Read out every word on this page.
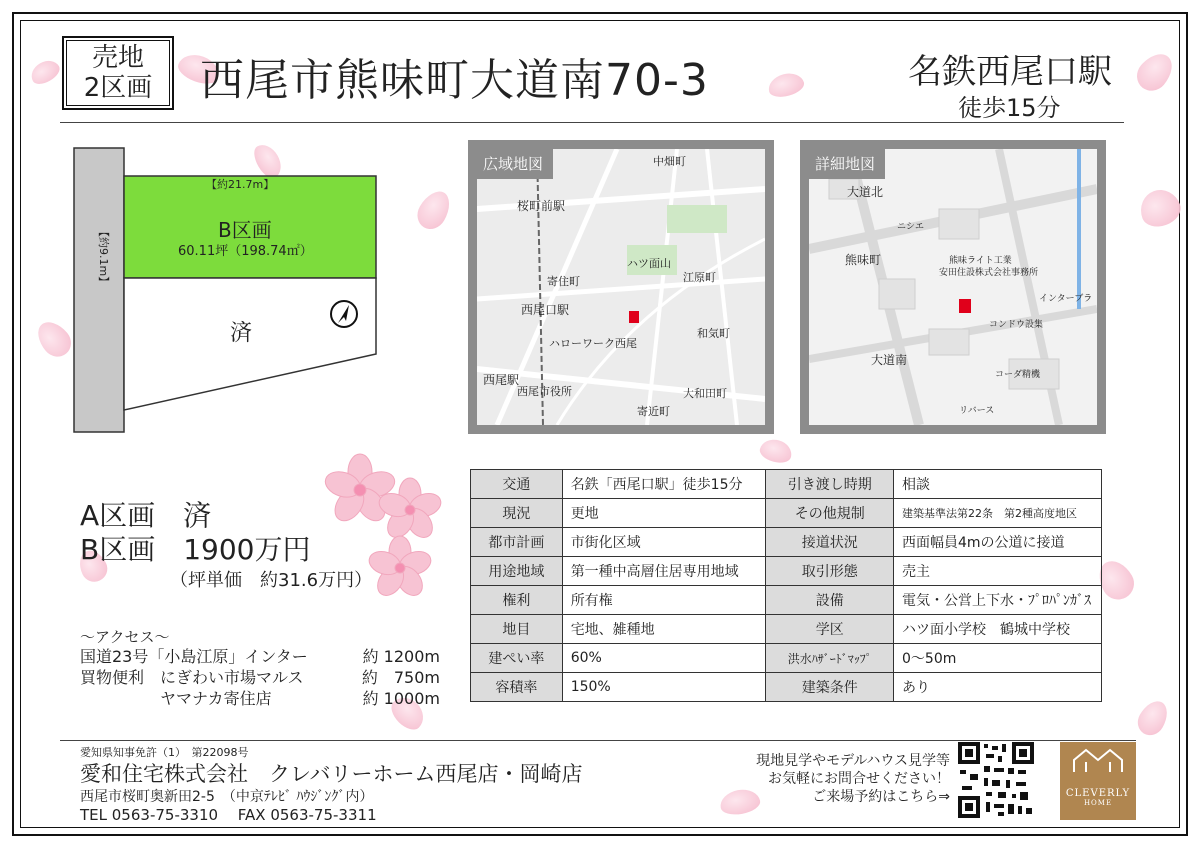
売地
2区画 西尾市熊味町大道南70-3	名鉄西尾口駅
徒歩15分
【約21.7m】
【約9.1m】	B区画
60.11坪（198.74㎡）
済
中畑町
桜町前駅
西尾口駅
西尾駅
ハツ面山
寄住町
大和田町
江原町
和気町
寄近町
西尾市役所
ハローワーク西尾
広域地図
大道北
熊味町
大道南
コンドウ設集
コーダ精機
リバース
ニシエ
インターブラ
熊味ライト工業
安田住設株式会社事務所
詳細地図
A区画　済
B区画　1900万円
（坪単価　約31.6万円）
～アクセス～
国道23号「小島江原」インター	約 1200m
買物便利　にぎわい市場マルス	約　750m
　　　　　ヤマナカ寄住店	約 1000m
交通	名鉄「西尾口駅」徒歩15分	引き渡し時期	相談
現況	更地	その他規制	建築基準法第22条　第2種高度地区
都市計画	市街化区域	接道状況	西面幅員4mの公道に接道
用途地域	第一種中高層住居専用地域	取引形態	売主
権利	所有権	設備	電気・公営上下水・ﾌﾟﾛﾊﾟﾝｶﾞｽ
地目	宅地、雑種地	学区	ハツ面小学校　鶴城中学校
建ぺい率	60%	洪水ﾊｻﾞｰﾄﾞﾏｯﾌﾟ	0～50m
容積率	150%	建築条件	あり
愛知県知事免許（1）　第22098号
愛和住宅株式会社　クレバリーホーム西尾店・岡崎店
西尾市桜町奥新田2-5　（中京ﾃﾚﾋﾞ ﾊｳｼﾞﾝｸﾞ内）
TEL 0563-75-3310　 FAX 0563-75-3311
現地見学やモデルハウス見学等
お気軽にお問合せください！
ご来場予約はこちら⇒	CLEVERLY
HOME
